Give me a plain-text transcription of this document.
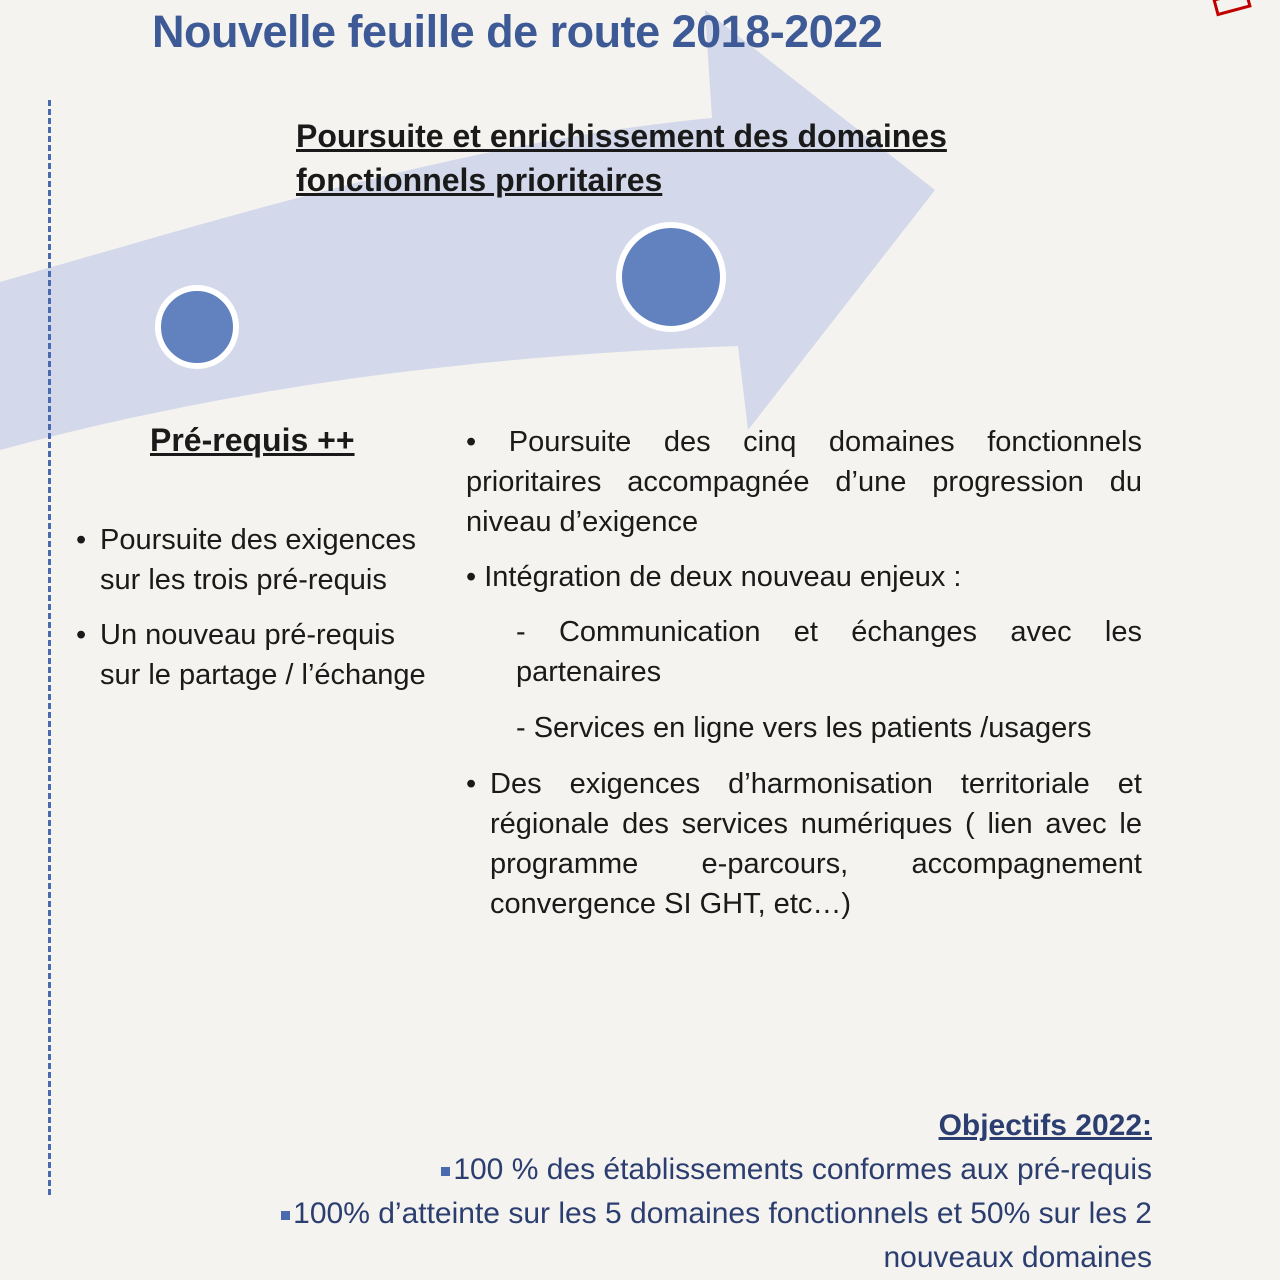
Nouvelle feuille de route 2018-2022
Poursuite et enrichissement des domaines fonctionnels prioritaires
Pré-requis ++
• Poursuite des exigences sur les trois pré-requis
• Un nouveau pré-requis sur le partage / l’échange
• Poursuite des cinq domaines fonctionnels prioritaires accompagnée d’une progression du niveau d’exigence
• Intégration de deux nouveau enjeux :
- Communication et échanges avec les partenaires
- Services en ligne vers les patients /usagers
• Des exigences d’harmonisation territoriale et régionale des services numériques ( lien avec le programme e-parcours, accompagnement convergence SI GHT, etc…)
Objectifs 2022:
100 % des établissements conformes aux pré-requis
100% d’atteinte sur les 5 domaines fonctionnels et 50% sur les 2 nouveaux domaines
